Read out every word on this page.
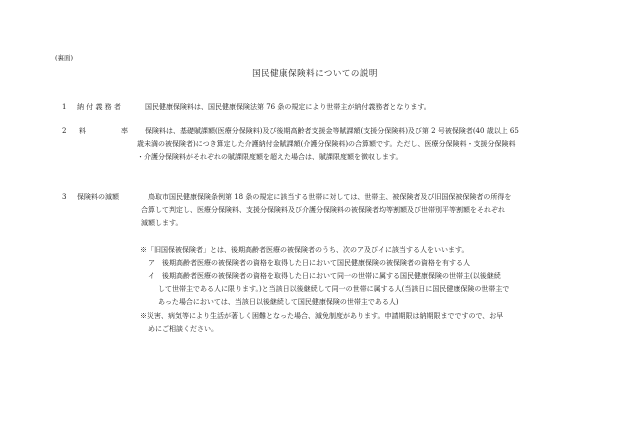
(裏面)
国民健康保険料についての説明
1 納 付 義 務 者	国民健康保険料は、国民健康保険法第 76 条の規定により世帯主が納付義務者となります。
2 料	率 保険料は、基礎賦課額(医療分保険料)及び後期高齢者支援金等賦課額(支援分保険料)及び第 2 号被保険者(40 歳以上 65
歳未満の被保険者)につき算定した介護納付金賦課額(介護分保険料)の合算額です。ただし、医療分保険料・支援分保険料
・介護分保険料がそれぞれの賦課限度額を超えた場合は、賦課限度額を徴収します。
3 保険料の減額	鳥取市国民健康保険条例第 18 条の規定に該当する世帯に対しては、世帯主、被保険者及び旧国保被保険者の所得を
合算して判定し、医療分保険料、支援分保険料及び介護分保険料の被保険者均等割額及び世帯別平等割額をそれぞれ
減額します。
※「旧国保被保険者」とは、後期高齢者医療の被保険者のうち、次のア及びイに該当する人をいいます。
ア　後期高齢者医療の被保険者の資格を取得した日において国民健康保険の被保険者の資格を有する人
イ　後期高齢者医療の被保険者の資格を取得した日において同一の世帯に属する国民健康保険の世帯主(以後継続
して世帯主である人に限ります。)と当該日以後継続して同一の世帯に属する人(当該日に国民健康保険の世帯主で
あった場合においては、当該日以後継続して国民健康保険の世帯主である人)
※災害、病気等により生活が著しく困難となった場合、減免制度があります。申請期限は納期限までですので、お早
めにご相談ください。
